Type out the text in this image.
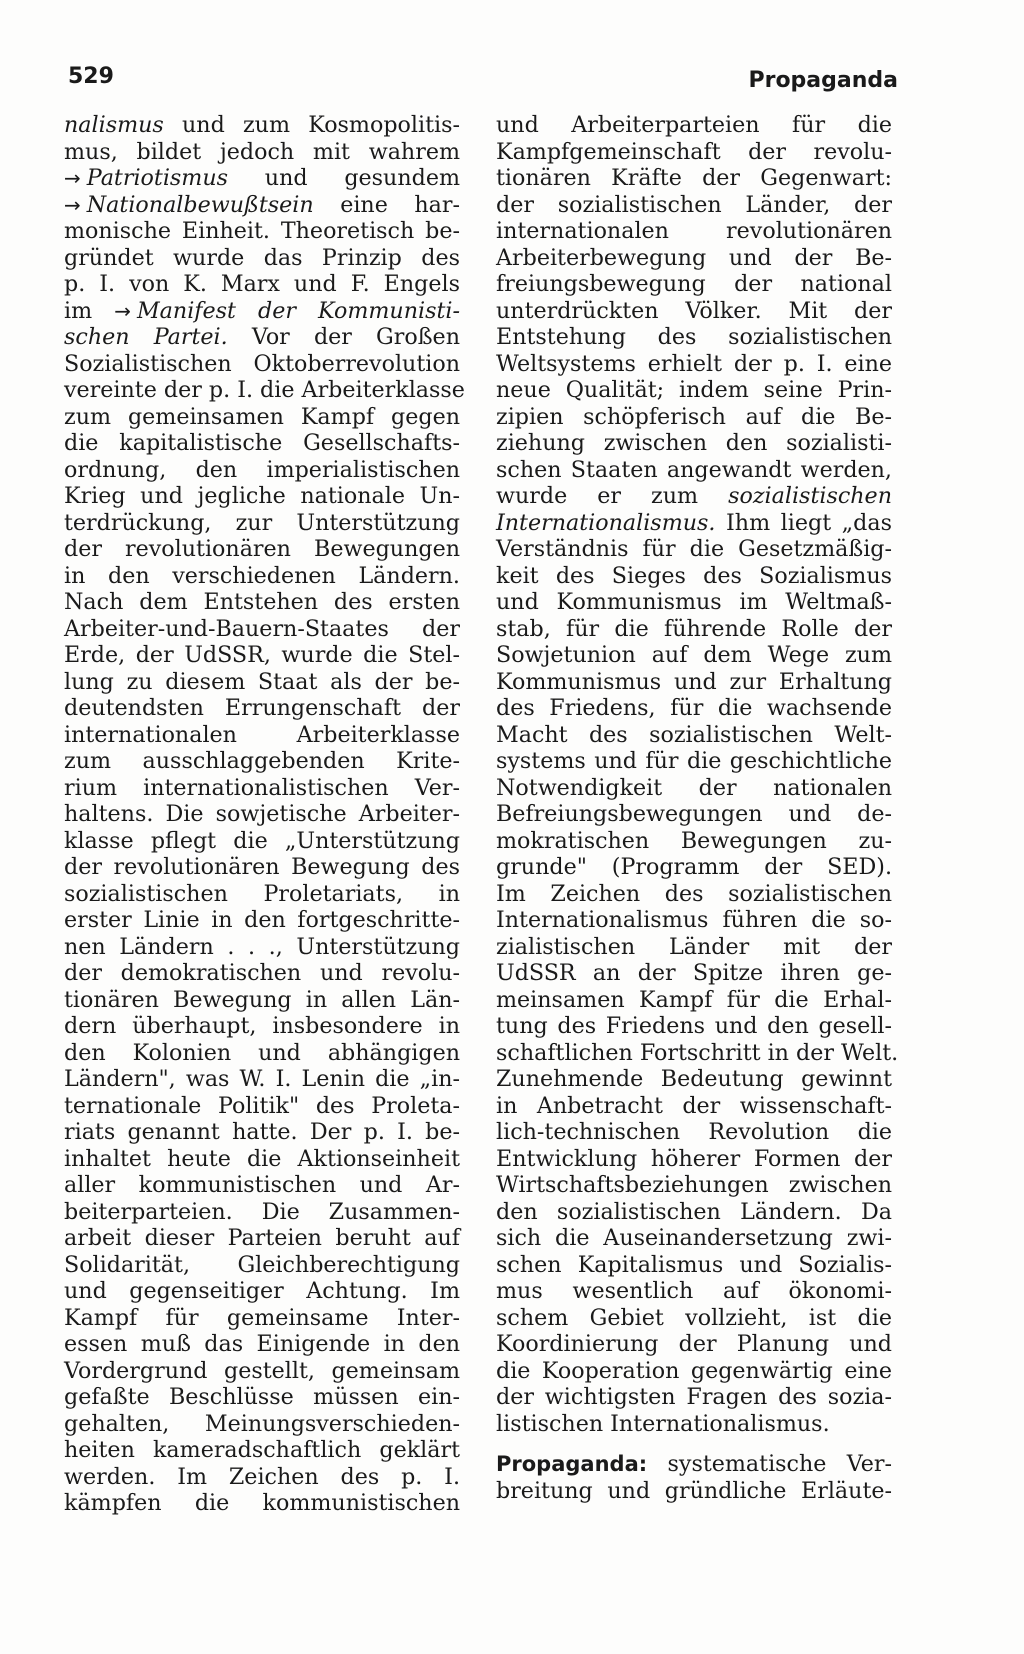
529	Propaganda
nalismus und zum Kosmopolitis-
mus, bildet jedoch mit wahrem
→ Patriotismus und gesundem
→ Nationalbewußtsein eine har-
monische Einheit. Theoretisch be-
gründet wurde das Prinzip des
p. I. von K. Marx und F. Engels
im → Manifest der Kommunisti-
schen Partei. Vor der Großen
Sozialistischen Oktoberrevolution
vereinte der p. I. die Arbeiterklasse
zum gemeinsamen Kampf gegen
die kapitalistische Gesellschafts-
ordnung, den imperialistischen
Krieg und jegliche nationale Un-
terdrückung, zur Unterstützung
der revolutionären Bewegungen
in den verschiedenen Ländern.
Nach dem Entstehen des ersten
Arbeiter-und-Bauern-Staates der
Erde, der UdSSR, wurde die Stel-
lung zu diesem Staat als der be-
deutendsten Errungenschaft der
internationalen Arbeiterklasse
zum ausschlaggebenden Krite-
rium internationalistischen Ver-
haltens. Die sowjetische Arbeiter-
klasse pflegt die „Unterstützung
der revolutionären Bewegung des
sozialistischen Proletariats, in
erster Linie in den fortgeschritte-
nen Ländern . . ., Unterstützung
der demokratischen und revolu-
tionären Bewegung in allen Län-
dern überhaupt, insbesondere in
den Kolonien und abhängigen
Ländern", was W. I. Lenin die „in-
ternationale Politik" des Proleta-
riats genannt hatte. Der p. I. be-
inhaltet heute die Aktionseinheit
aller kommunistischen und Ar-
beiterparteien. Die Zusammen-
arbeit dieser Parteien beruht auf
Solidarität, Gleichberechtigung
und gegenseitiger Achtung. Im
Kampf für gemeinsame Inter-
essen muß das Einigende in den
Vordergrund gestellt, gemeinsam
gefaßte Beschlüsse müssen ein-
gehalten, Meinungsverschieden-
heiten kameradschaftlich geklärt
werden. Im Zeichen des p. I.
kämpfen die kommunistischen
und Arbeiterparteien für die
Kampfgemeinschaft der revolu-
tionären Kräfte der Gegenwart:
der sozialistischen Länder, der
internationalen revolutionären
Arbeiterbewegung und der Be-
freiungsbewegung der national
unterdrückten Völker. Mit der
Entstehung des sozialistischen
Weltsystems erhielt der p. I. eine
neue Qualität; indem seine Prin-
zipien schöpferisch auf die Be-
ziehung zwischen den sozialisti-
schen Staaten angewandt werden,
wurde er zum sozialistischen
Internationalismus. Ihm liegt „das
Verständnis für die Gesetzmäßig-
keit des Sieges des Sozialismus
und Kommunismus im Weltmaß-
stab, für die führende Rolle der
Sowjetunion auf dem Wege zum
Kommunismus und zur Erhaltung
des Friedens, für die wachsende
Macht des sozialistischen Welt-
systems und für die geschichtliche
Notwendigkeit der nationalen
Befreiungsbewegungen und de-
mokratischen Bewegungen zu-
grunde" (Programm der SED).
Im Zeichen des sozialistischen
Internationalismus führen die so-
zialistischen Länder mit der
UdSSR an der Spitze ihren ge-
meinsamen Kampf für die Erhal-
tung des Friedens und den gesell-
schaftlichen Fortschritt in der Welt.
Zunehmende Bedeutung gewinnt
in Anbetracht der wissenschaft-
lich-technischen Revolution die
Entwicklung höherer Formen der
Wirtschaftsbeziehungen zwischen
den sozialistischen Ländern. Da
sich die Auseinandersetzung zwi-
schen Kapitalismus und Sozialis-
mus wesentlich auf ökonomi-
schem Gebiet vollzieht, ist die
Koordinierung der Planung und
die Kooperation gegenwärtig eine
der wichtigsten Fragen des sozia-
listischen Internationalismus.
Propaganda: systematische Ver-
breitung und gründliche Erläute-
